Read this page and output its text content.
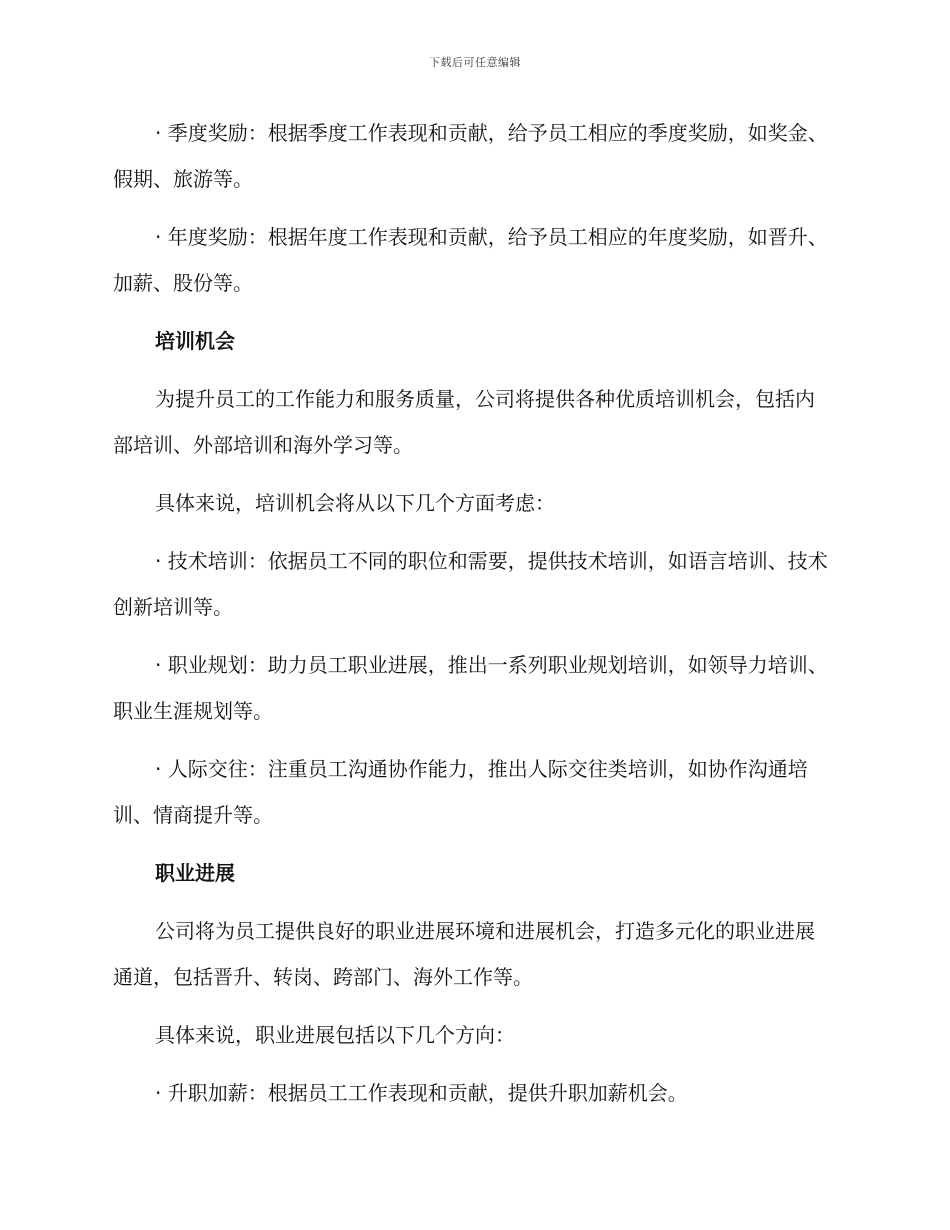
下载后可任意编辑

· 季度奖励：根据季度工作表现和贡献，给予员工相应的季度奖励，如奖金、假期、旅游等。

· 年度奖励：根据年度工作表现和贡献，给予员工相应的年度奖励，如晋升、加薪、股份等。

培训机会

为提升员工的工作能力和服务质量，公司将提供各种优质培训机会，包括内部培训、外部培训和海外学习等。

具体来说，培训机会将从以下几个方面考虑：

· 技术培训：依据员工不同的职位和需要，提供技术培训，如语言培训、技术创新培训等。

· 职业规划：助力员工职业进展，推出一系列职业规划培训，如领导力培训、职业生涯规划等。

· 人际交往：注重员工沟通协作能力，推出人际交往类培训，如协作沟通培训、情商提升等。

职业进展

公司将为员工提供良好的职业进展环境和进展机会，打造多元化的职业进展通道，包括晋升、转岗、跨部门、海外工作等。

具体来说，职业进展包括以下几个方向：

· 升职加薪：根据员工工作表现和贡献，提供升职加薪机会。
